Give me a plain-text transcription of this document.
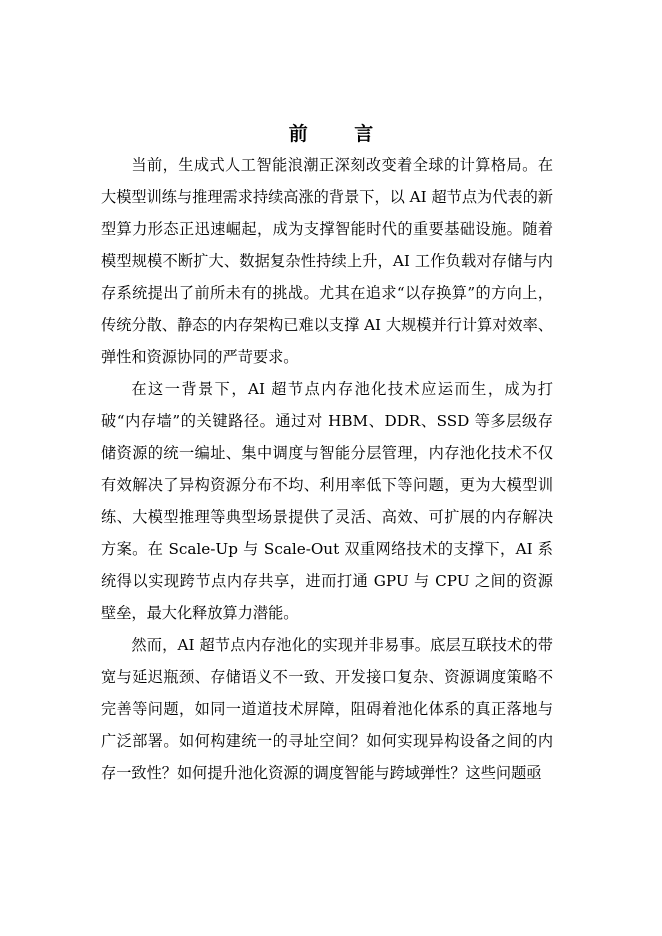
前 言

当前，生成式人工智能浪潮正深刻改变着全球的计算格局。在大模型训练与推理需求持续高涨的背景下，以 AI 超节点为代表的新型算力形态正迅速崛起，成为支撑智能时代的重要基础设施。随着模型规模不断扩大、数据复杂性持续上升，AI 工作负载对存储与内存系统提出了前所未有的挑战。尤其在追求“以存换算”的方向上，传统分散、静态的内存架构已难以支撑 AI 大规模并行计算对效率、弹性和资源协同的严苛要求。

在这一背景下，AI 超节点内存池化技术应运而生，成为打破“内存墙”的关键路径。通过对 HBM、DDR、SSD 等多层级存储资源的统一编址、集中调度与智能分层管理，内存池化技术不仅有效解决了异构资源分布不均、利用率低下等问题，更为大模型训练、大模型推理等典型场景提供了灵活、高效、可扩展的内存解决方案。在 Scale-Up 与 Scale-Out 双重网络技术的支撑下，AI 系统得以实现跨节点内存共享，进而打通 GPU 与 CPU 之间的资源壁垒，最大化释放算力潜能。

然而，AI 超节点内存池化的实现并非易事。底层互联技术的带宽与延迟瓶颈、存储语义不一致、开发接口复杂、资源调度策略不完善等问题，如同一道道技术屏障，阻碍着池化体系的真正落地与广泛部署。如何构建统一的寻址空间？如何实现异构设备之间的内存一致性？如何提升池化资源的调度智能与跨域弹性？这些问题亟
